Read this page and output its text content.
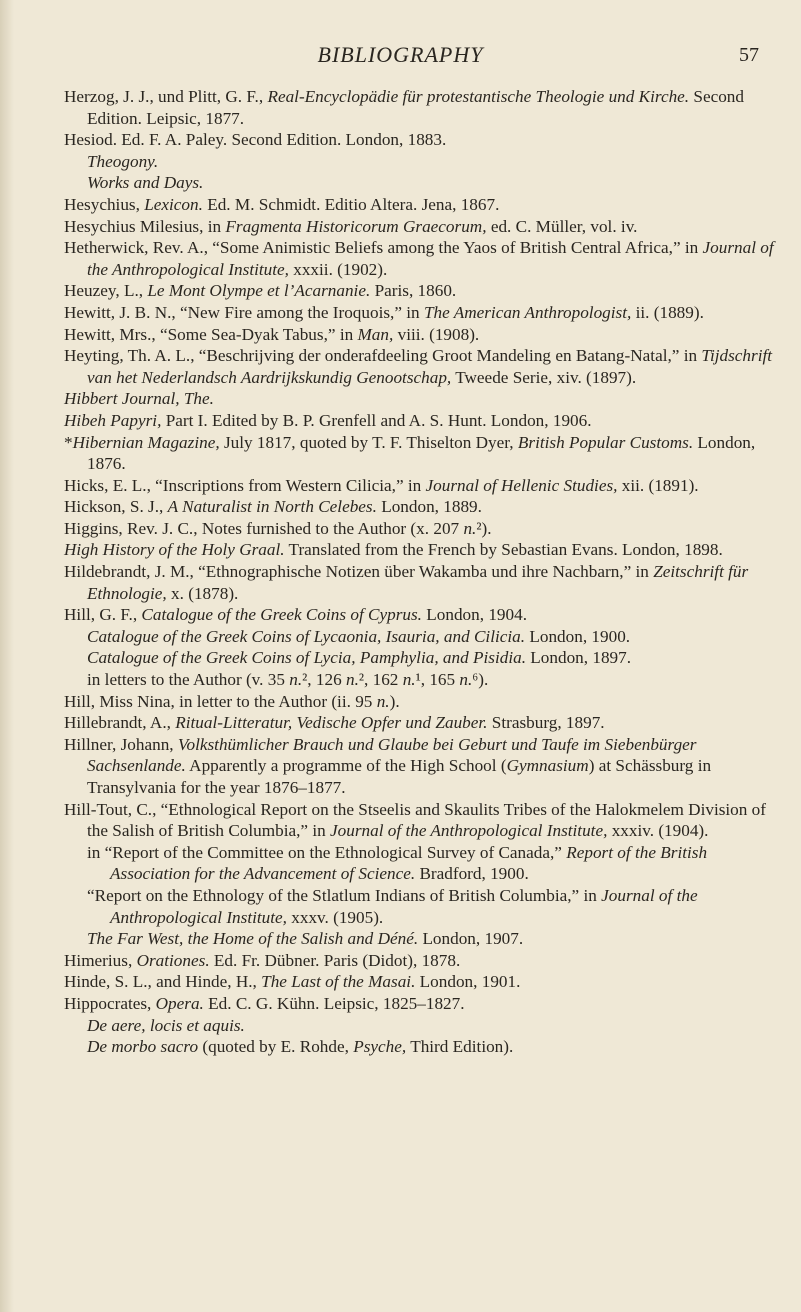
BIBLIOGRAPHY	57
Herzog, J. J., und Plitt, G. F., Real-Encyclopädie für protestantische Theologie und Kirche. Second Edition. Leipsic, 1877.
Hesiod. Ed. F. A. Paley. Second Edition. London, 1883.
Theogony.
Works and Days.
Hesychius, Lexicon. Ed. M. Schmidt. Editio Altera. Jena, 1867.
Hesychius Milesius, in Fragmenta Historicorum Graecorum, ed. C. Müller, vol. iv.
Hetherwick, Rev. A., “Some Animistic Beliefs among the Yaos of British Central Africa,” in Journal of the Anthropological Institute, xxxii. (1902).
Heuzey, L., Le Mont Olympe et l’Acarnanie. Paris, 1860.
Hewitt, J. B. N., “New Fire among the Iroquois,” in The American Anthropologist, ii. (1889).
Hewitt, Mrs., “Some Sea-Dyak Tabus,” in Man, viii. (1908).
Heyting, Th. A. L., “Beschrijving der onderafdeeling Groot Mandeling en Batang-Natal,” in Tijdschrift van het Nederlandsch Aardrijkskundig Genootschap, Tweede Serie, xiv. (1897).
Hibbert Journal, The.
Hibeh Papyri, Part I. Edited by B. P. Grenfell and A. S. Hunt. London, 1906.
*Hibernian Magazine, July 1817, quoted by T. F. Thiselton Dyer, British Popular Customs. London, 1876.
Hicks, E. L., “Inscriptions from Western Cilicia,” in Journal of Hellenic Studies, xii. (1891).
Hickson, S. J., A Naturalist in North Celebes. London, 1889.
Higgins, Rev. J. C., Notes furnished to the Author (x. 207 n.²).
High History of the Holy Graal. Translated from the French by Sebastian Evans. London, 1898.
Hildebrandt, J. M., “Ethnographische Notizen über Wakamba und ihre Nachbarn,” in Zeitschrift für Ethnologie, x. (1878).
Hill, G. F., Catalogue of the Greek Coins of Cyprus. London, 1904.
Catalogue of the Greek Coins of Lycaonia, Isauria, and Cilicia. London, 1900.
Catalogue of the Greek Coins of Lycia, Pamphylia, and Pisidia. London, 1897.
in letters to the Author (v. 35 n.², 126 n.², 162 n.¹, 165 n.⁶).
Hill, Miss Nina, in letter to the Author (ii. 95 n.).
Hillebrandt, A., Ritual-Litteratur, Vedische Opfer und Zauber. Strasburg, 1897.
Hillner, Johann, Volksthümlicher Brauch und Glaube bei Geburt und Taufe im Siebenbürger Sachsenlande. Apparently a programme of the High School (Gymnasium) at Schässburg in Transylvania for the year 1876–1877.
Hill-Tout, C., “Ethnological Report on the Stseelis and Skaulits Tribes of the Halokmelem Division of the Salish of British Columbia,” in Journal of the Anthropological Institute, xxxiv. (1904).
in “Report of the Committee on the Ethnological Survey of Canada,” Report of the British Association for the Advancement of Science. Bradford, 1900.
“Report on the Ethnology of the Stlatlum Indians of British Columbia,” in Journal of the Anthropological Institute, xxxv. (1905).
The Far West, the Home of the Salish and Déné. London, 1907.
Himerius, Orationes. Ed. Fr. Dübner. Paris (Didot), 1878.
Hinde, S. L., and Hinde, H., The Last of the Masai. London, 1901.
Hippocrates, Opera. Ed. C. G. Kühn. Leipsic, 1825–1827.
De aere, locis et aquis.
De morbo sacro (quoted by E. Rohde, Psyche, Third Edition).
